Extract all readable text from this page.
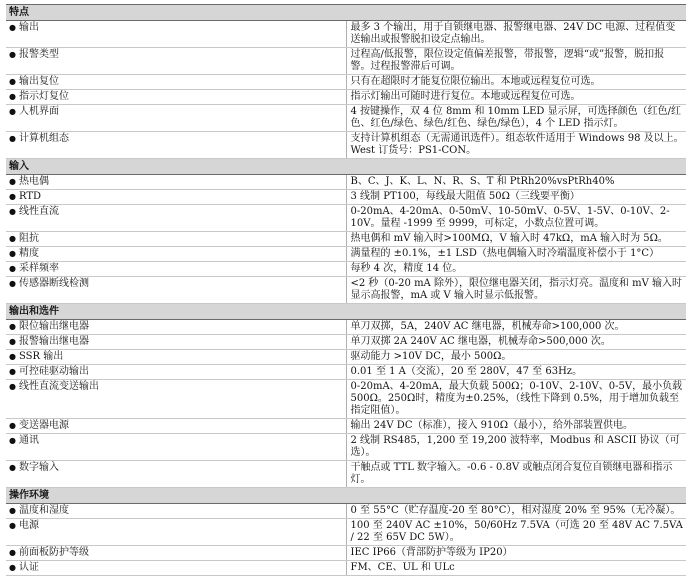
特点	
● 输出	最多 3 个输出，用于自锁继电器、报警继电器、24V DC 电源、过程值变送输出或报警脱扣设定点输出。
● 报警类型	过程高/低报警，限位设定值偏差报警，带报警，逻辑“或”报警，脱扣报警。过程报警滞后可调。
● 输出复位	只有在超限时才能复位限位输出。本地或远程复位可选。
● 指示灯复位	指示灯输出可随时进行复位。本地或远程复位可选。
● 人机界面	4 按键操作，双 4 位 8mm 和 10mm LED 显示屏，可选择颜色（红色/红色、红色/绿色、绿色/红色、绿色/绿色），4 个 LED 指示灯。
● 计算机组态	支持计算机组态（无需通讯选件）。组态软件适用于 Windows 98 及以上。West 订货号：PS1-CON。
输入	
● 热电偶	B、C、J、K、L、N、R、S、T 和 PtRh20%vsPtRh40%
● RTD	3 线制 PT100，每线最大阻值 50Ω（三线要平衡）
● 线性直流	0-20mA、4-20mA、0-50mV、10-50mV、0-5V、1-5V、0-10V、2-10V。量程 -1999 至 9999，可标定，小数点位置可调。
● 阻抗	热电偶和 mV 输入时>100MΩ，V 输入时 47kΩ，mA 输入时为 5Ω。
● 精度	满量程的 ±0.1%，±1 LSD（热电偶输入时冷端温度补偿小于 1°C）
● 采样频率	每秒 4 次，精度 14 位。
● 传感器断线检测	<2 秒（0-20 mA 除外），限位继电器关闭，指示灯亮。温度和 mV 输入时显示高报警，mA 或 V 输入时显示低报警。
输出和选件	
● 限位输出继电器	单刀双掷，5A，240V AC 继电器，机械寿命>100,000 次。
● 报警输出继电器	单刀双掷 2A 240V AC 继电器，机械寿命>500,000 次。
● SSR 输出	驱动能力 >10V DC，最小 500Ω。
● 可控硅驱动输出	0.01 至 1 A（交流），20 至 280V，47 至 63Hz。
● 线性直流变送输出	0-20mA、4-20mA，最大负载 500Ω；0-10V、2-10V、0-5V，最小负载 500Ω。250Ω时，精度为±0.25%，（线性下降到 0.5%，用于增加负载至指定阻值）。
● 变送器电源	输出 24V DC（标准），接入 910Ω（最小），给外部装置供电。
● 通讯	2 线制 RS485，1,200 至 19,200 波特率，Modbus 和 ASCII 协议（可选）。
● 数字输入	干触点或 TTL 数字输入。-0.6 - 0.8V 或触点闭合复位自锁继电器和指示灯。
操作环境	
● 温度和湿度	0 至 55°C（贮存温度-20 至 80°C），相对湿度 20% 至 95%（无冷凝）。
● 电源	100 至 240V AC ±10%，50/60Hz 7.5VA（可选 20 至 48V AC 7.5VA / 22 至 65V DC 5W）。
● 前面板防护等级	IEC IP66（背部防护等级为 IP20）
● 认证	FM、CE、UL 和 ULc
